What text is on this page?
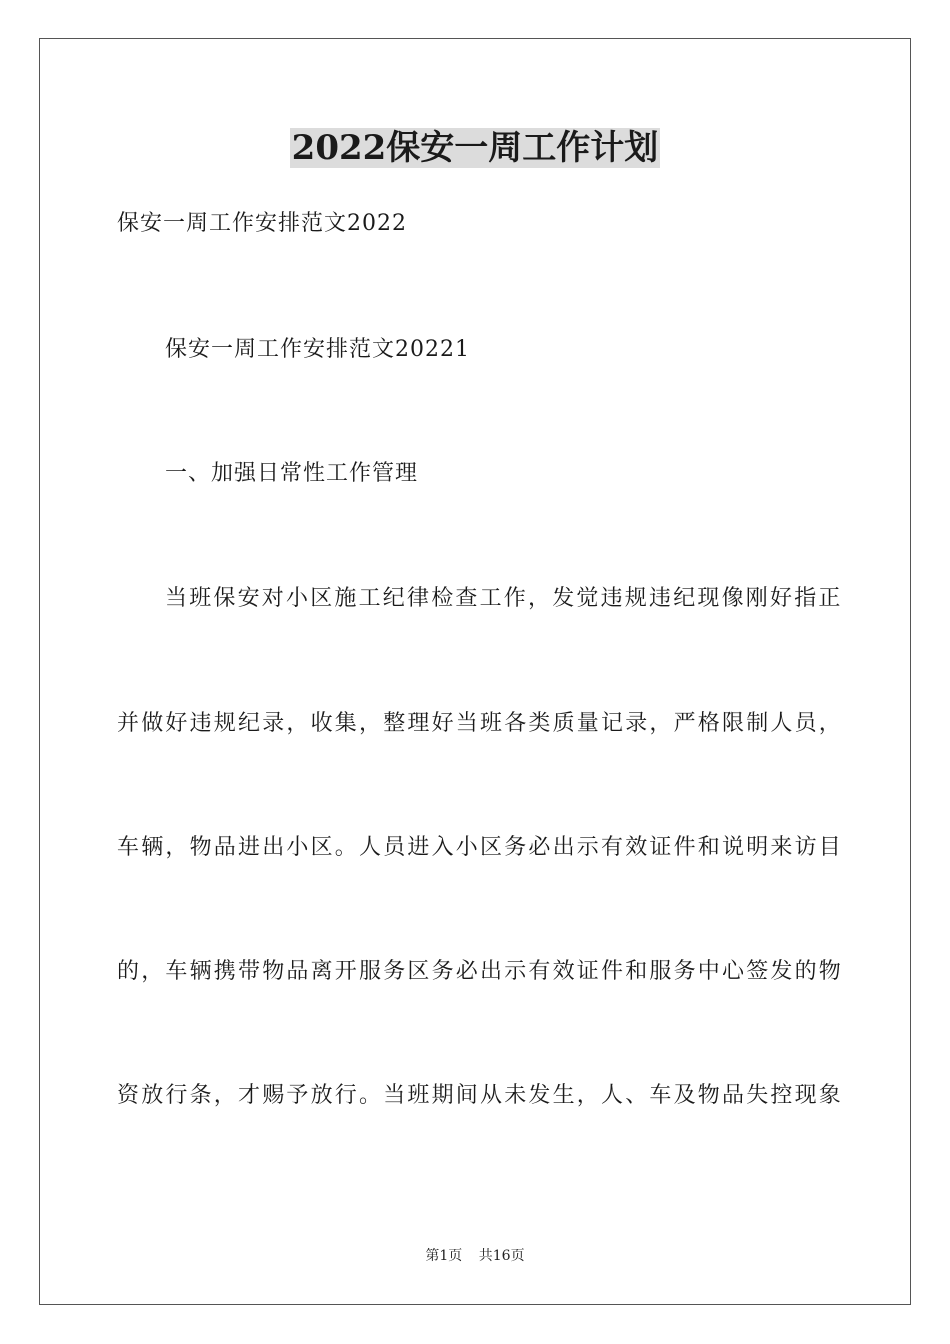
2022保安一周工作计划
保安一周工作安排范文2022
保安一周工作安排范文20221
一、加强日常性工作管理
当班保安对小区施工纪律检查工作，发觉违规违纪现像刚好指正
并做好违规纪录，收集，整理好当班各类质量记录，严格限制人员，
车辆，物品进出小区。人员进入小区务必出示有效证件和说明来访目
的，车辆携带物品离开服务区务必出示有效证件和服务中心签发的物
资放行条，才赐予放行。当班期间从未发生，人、车及物品失控现象
第1页 共16页
